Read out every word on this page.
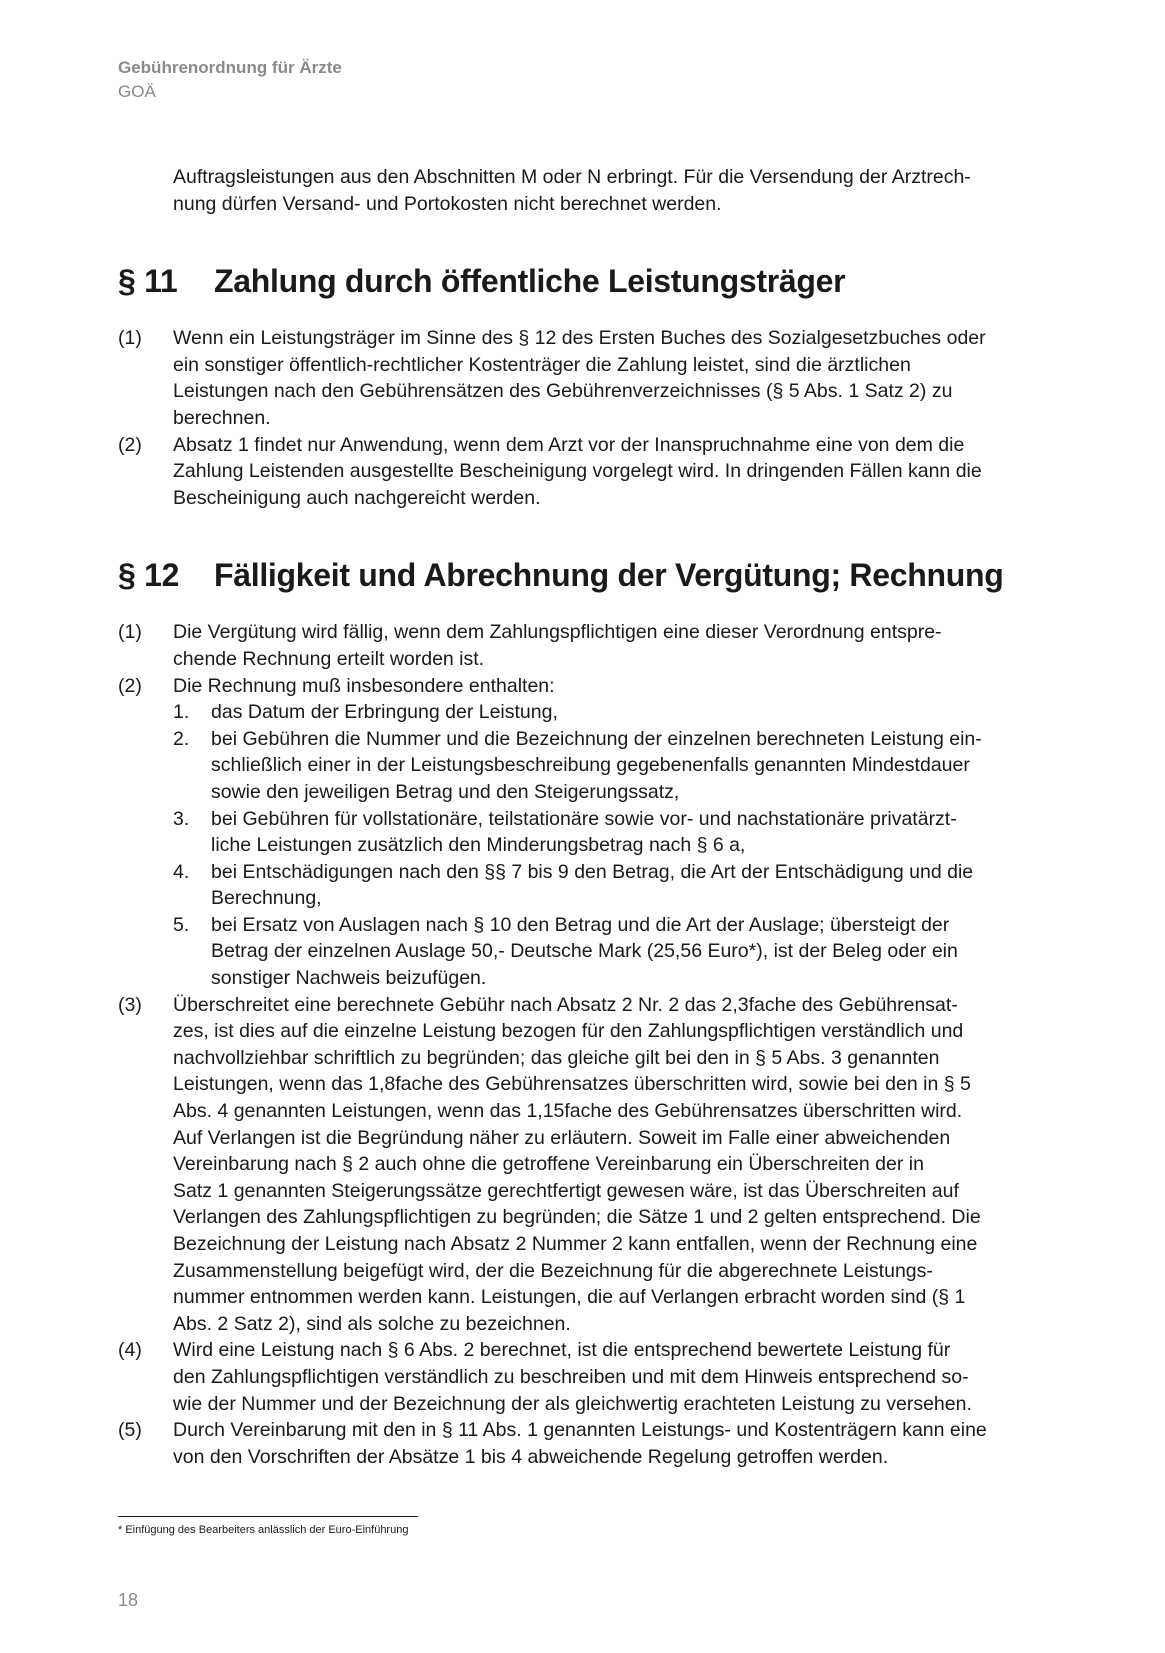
Gebührenordnung für Ärzte
GOÄ

Auftragsleistungen aus den Abschnitten M oder N erbringt. Für die Versendung der Arztrech-

nung dürfen Versand- und Portokosten nicht berechnet werden.

§ 11	Zahlung durch öffentliche Leistungsträger
(1)	Wenn ein Leistungsträger im Sinne des § 12 des Ersten Buches des Sozialgesetzbuches oder

ein sonstiger öffentlich-rechtlicher Kostenträger die Zahlung leistet, sind die ärztlichen

Leistungen nach den Gebührensätzen des Gebührenverzeichnisses (§ 5 Abs. 1 Satz 2) zu

berechnen.

(2)	Absatz 1 findet nur Anwendung, wenn dem Arzt vor der Inanspruchnahme eine von dem die

Zahlung Leistenden ausgestellte Bescheinigung vorgelegt wird. In dringenden Fällen kann die

Bescheinigung auch nachgereicht werden.

§ 12	Fälligkeit und Abrechnung der Vergütung; Rechnung
(1)	Die Vergütung wird fällig, wenn dem Zahlungspflichtigen eine dieser Verordnung entspre-

chende Rechnung erteilt worden ist.

(2)	Die Rechnung muß insbesondere enthalten:

1.	das Datum der Erbringung der Leistung,
2.	bei Gebühren die Nummer und die Bezeichnung der einzelnen berechneten Leistung ein-
schließlich einer in der Leistungsbeschreibung gegebenenfalls genannten Mindestdauer
sowie den jeweiligen Betrag und den Steigerungssatz,
3.	bei Gebühren für vollstationäre, teilstationäre sowie vor- und nachstationäre privatärzt-
liche Leistungen zusätzlich den Minderungsbetrag nach § 6 a,
4.	bei Entschädigungen nach den §§ 7 bis 9 den Betrag, die Art der Entschädigung und die
Berechnung,
5.	bei Ersatz von Auslagen nach § 10 den Betrag und die Art der Auslage; übersteigt der
Betrag der einzelnen Auslage 50,- Deutsche Mark (25,56 Euro*), ist der Beleg oder ein
sonstiger Nachweis beizufügen.
(3)	Überschreitet eine berechnete Gebühr nach Absatz 2 Nr. 2 das 2,3fache des Gebührensat-

zes, ist dies auf die einzelne Leistung bezogen für den Zahlungspflichtigen verständlich und

nachvollziehbar schriftlich zu begründen; das gleiche gilt bei den in § 5 Abs. 3 genannten

Leistungen, wenn das 1,8fache des Gebührensatzes überschritten wird, sowie bei den in § 5

Abs. 4 genannten Leistungen, wenn das 1,15fache des Gebührensatzes überschritten wird.

Auf Verlangen ist die Begründung näher zu erläutern. Soweit im Falle einer abweichenden

Vereinbarung nach § 2 auch ohne die getroffene Vereinbarung ein Überschreiten der in

Satz 1 genannten Steigerungssätze gerechtfertigt gewesen wäre, ist das Überschreiten auf

Verlangen des Zahlungspflichtigen zu begründen; die Sätze 1 und 2 gelten entsprechend. Die

Bezeichnung der Leistung nach Absatz 2 Nummer 2 kann entfallen, wenn der Rechnung eine

Zusammenstellung beigefügt wird, der die Bezeichnung für die abgerechnete Leistungs-

nummer entnommen werden kann. Leistungen, die auf Verlangen erbracht worden sind (§ 1

Abs. 2 Satz 2), sind als solche zu bezeichnen.

(4)	Wird eine Leistung nach § 6 Abs. 2 berechnet, ist die entsprechend bewertete Leistung für

den Zahlungspflichtigen verständlich zu beschreiben und mit dem Hinweis entsprechend so-

wie der Nummer und der Bezeichnung der als gleichwertig erachteten Leistung zu versehen.

(5)	Durch Vereinbarung mit den in § 11 Abs. 1 genannten Leistungs- und Kostenträgern kann eine

von den Vorschriften der Absätze 1 bis 4 abweichende Regelung getroffen werden.

* Einfügung des Bearbeiters anlässlich der Euro-Einführung
18
